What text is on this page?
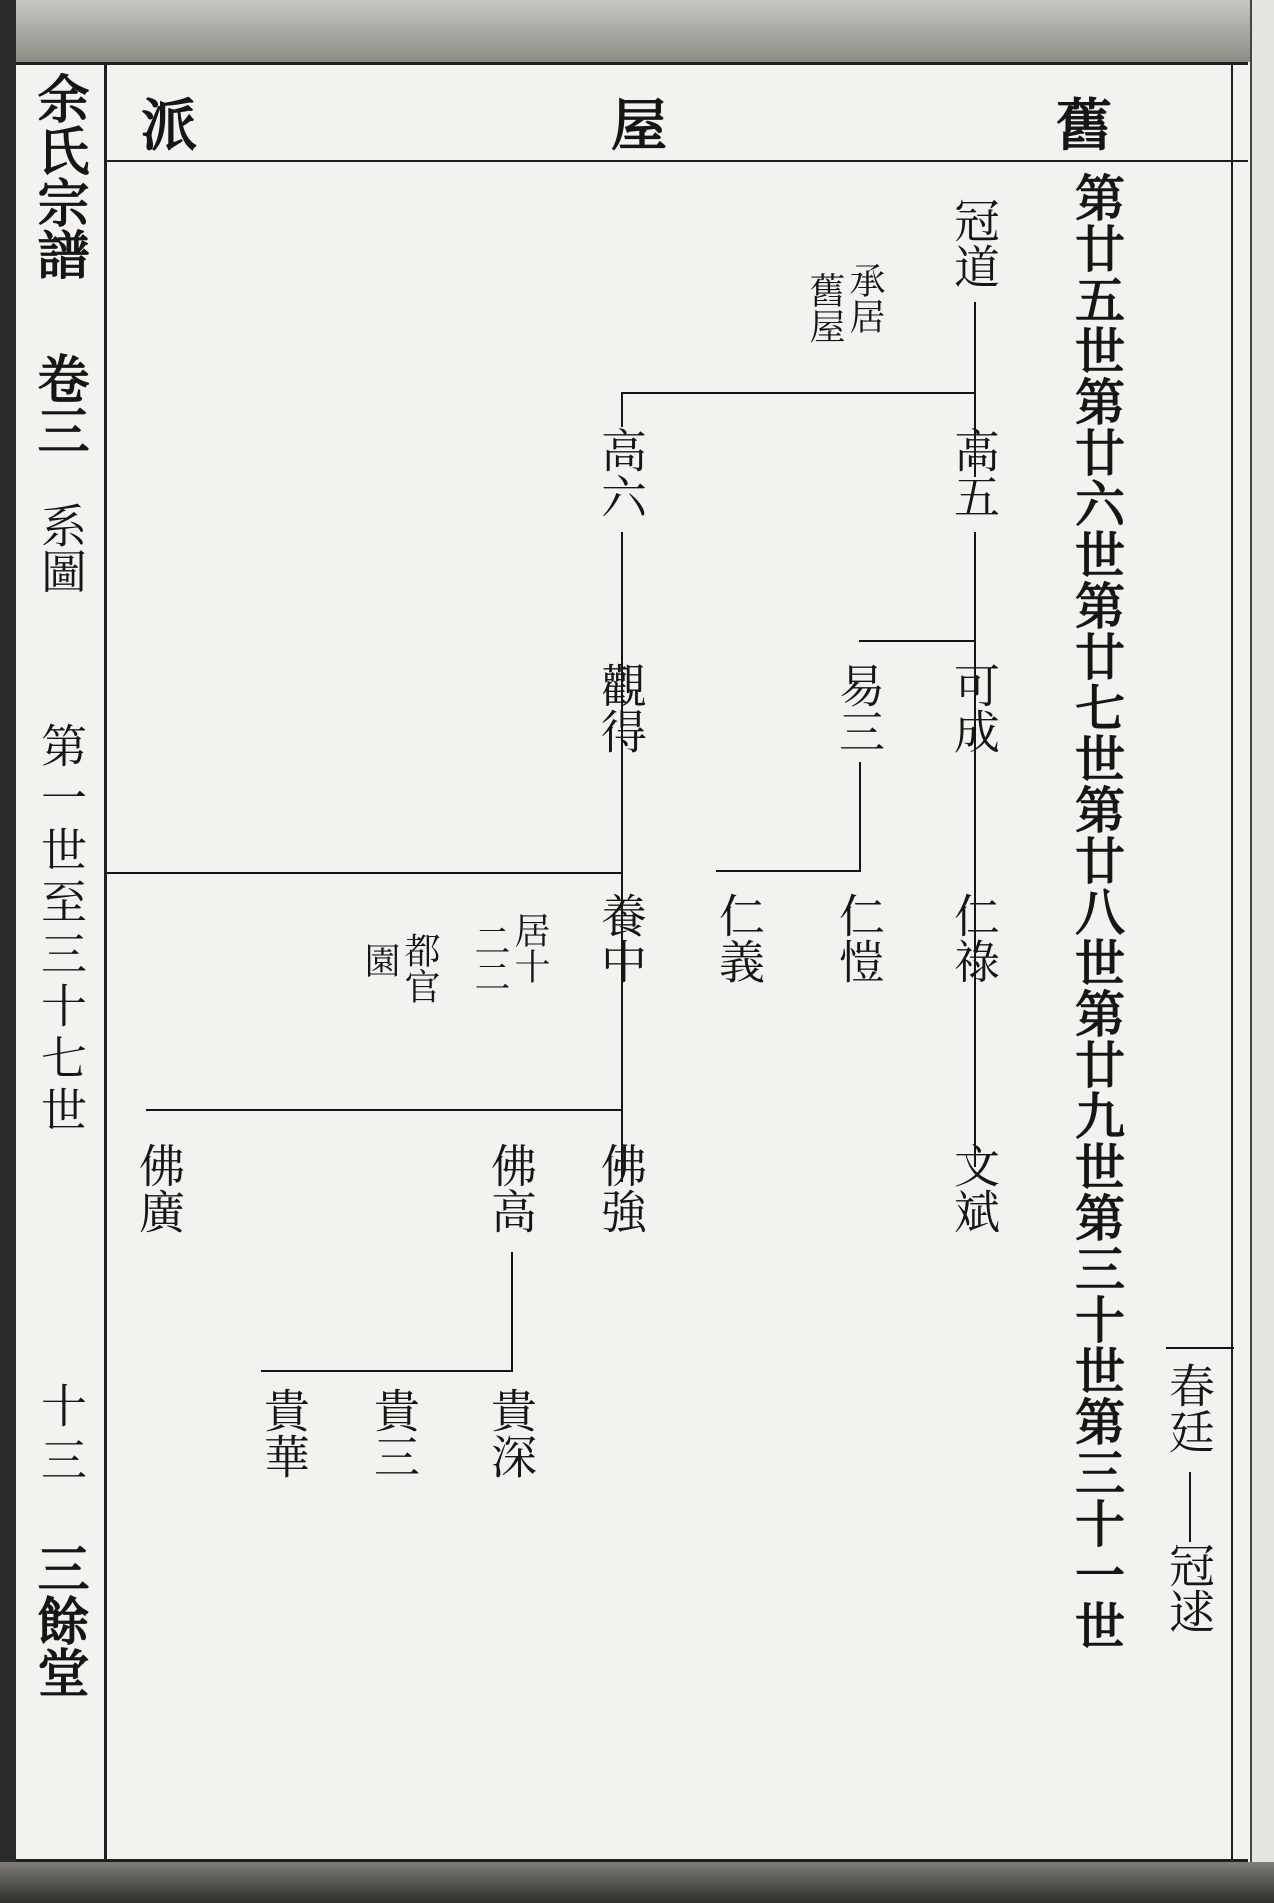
舊
屋
派
余氏宗譜
卷三
系圖
第一世至三十七世
十三
三餘堂
第廿五世第廿六世第廿七世第廿八世第廿九世第三十世第三十一世 春廷
冠逑
冠道
承居
舊屋
高五
高六
可成
易三
觀得
仁祿
仁愷
仁義
養中
居十
二二
都官
園
文斌
佛強
佛高
佛廣
貴深
貴三
貴華
